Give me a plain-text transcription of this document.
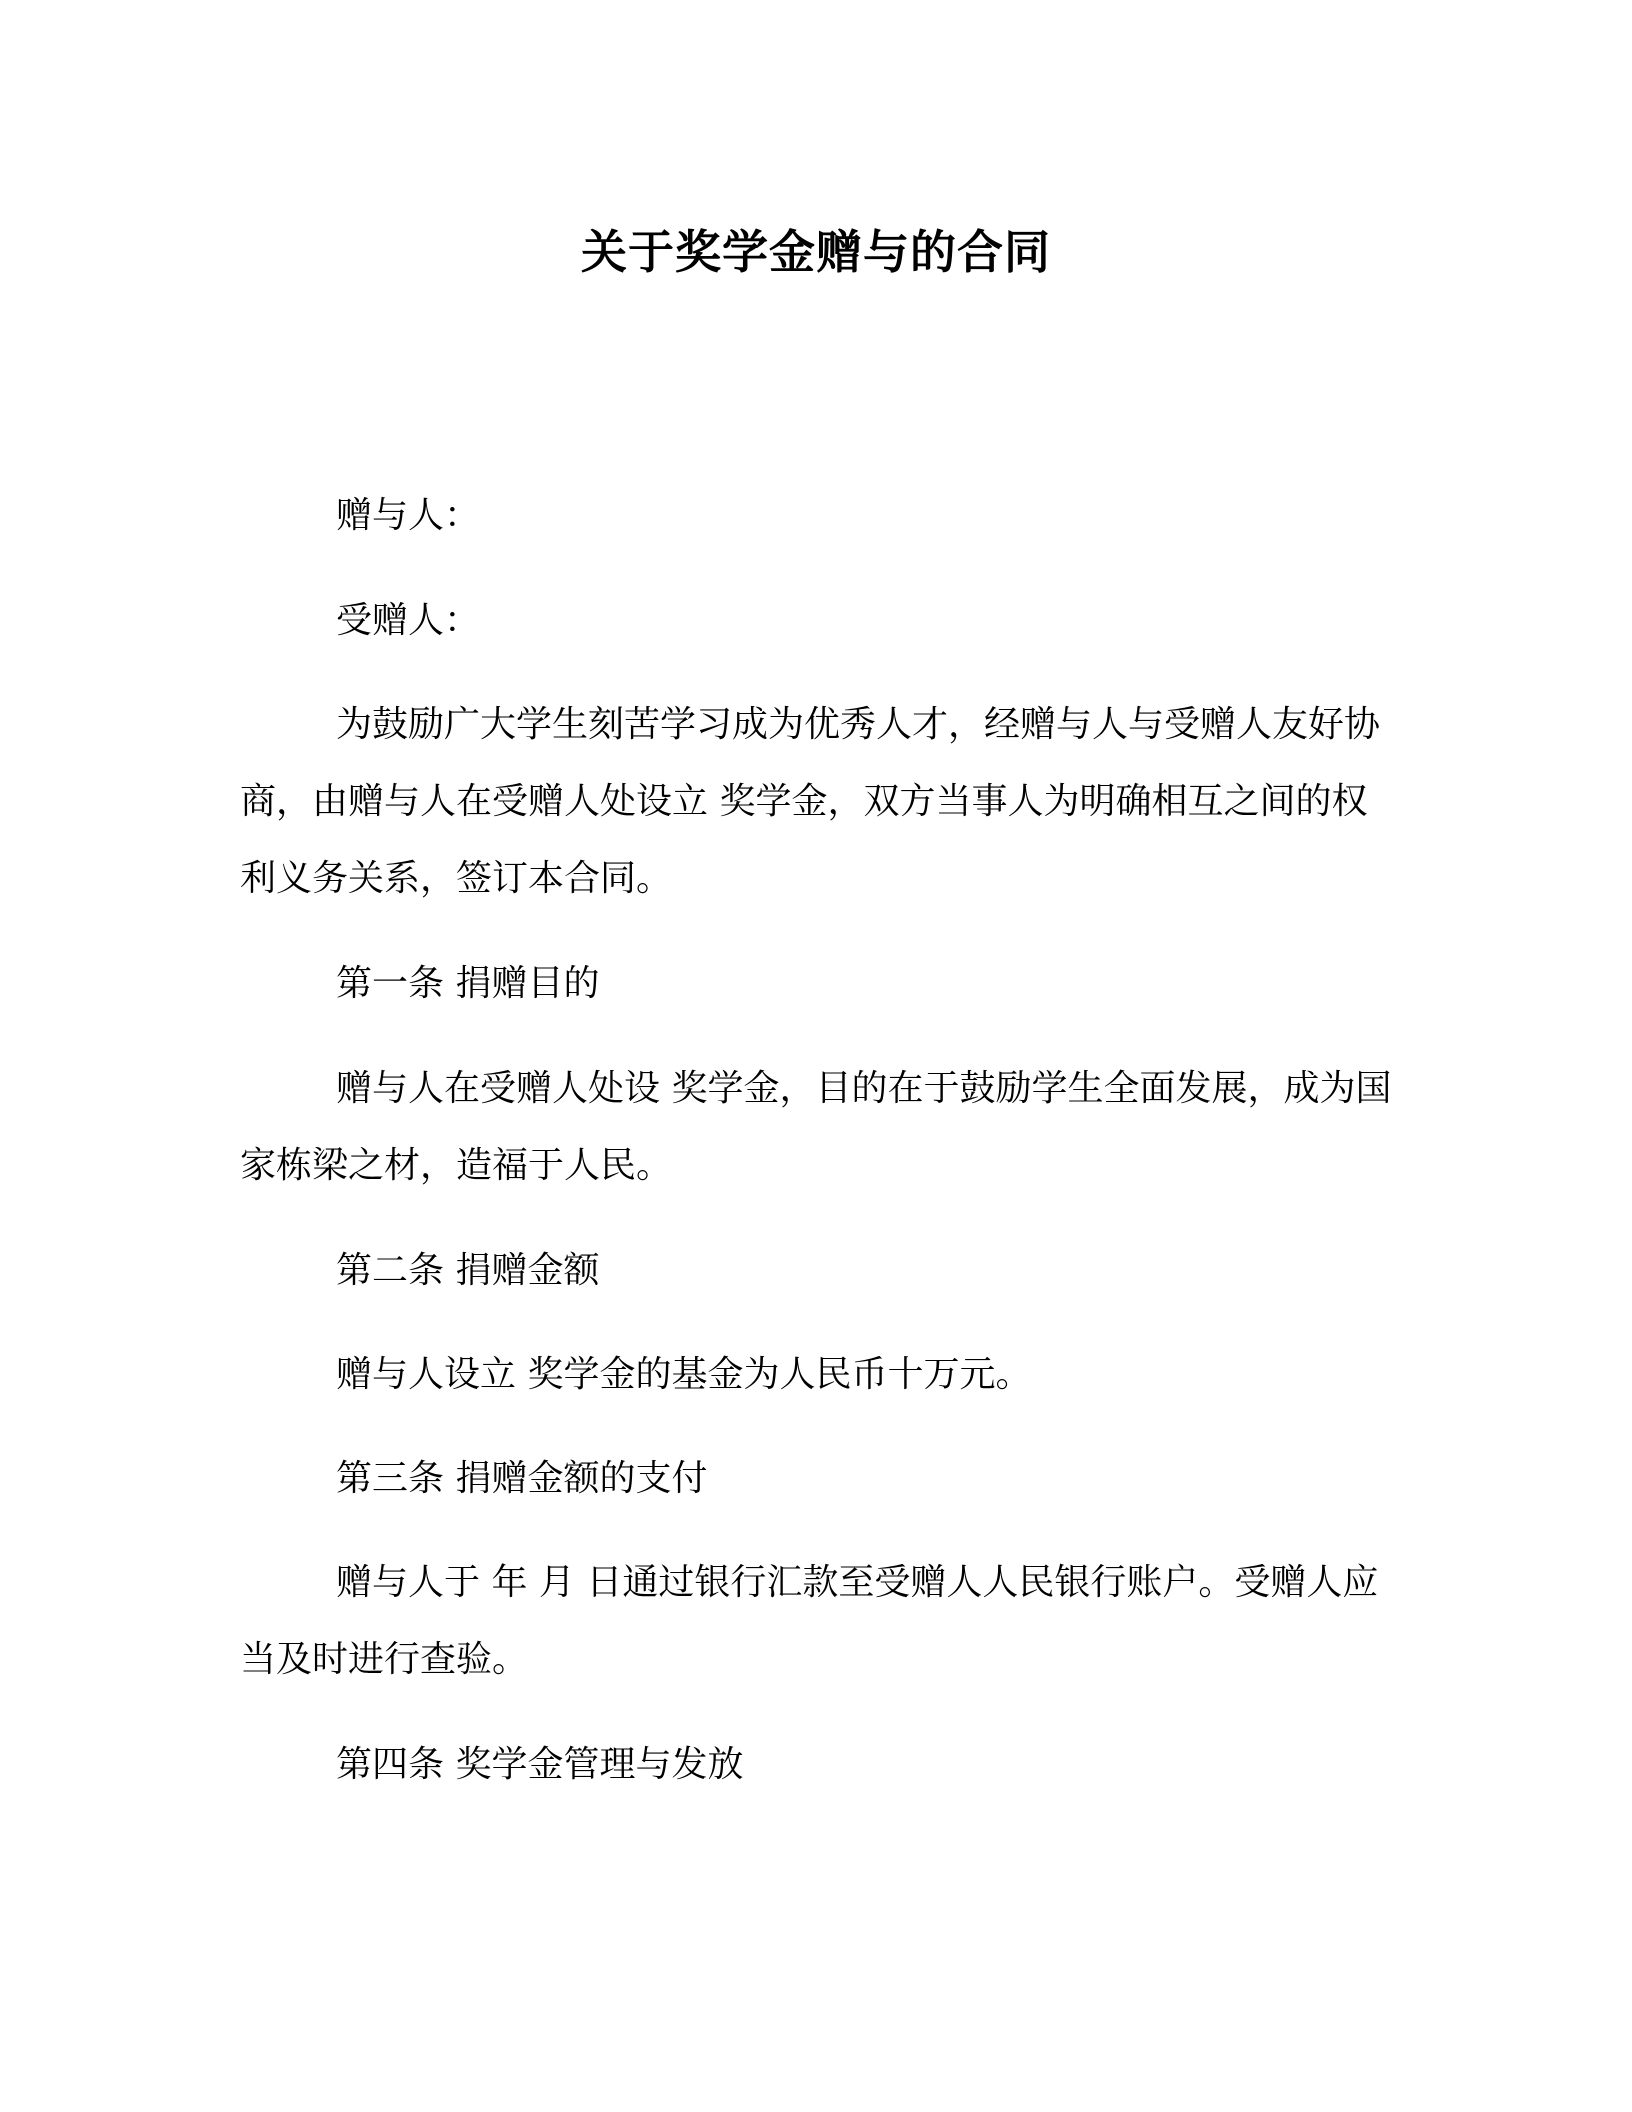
关于奖学金赠与的合同

赠与人：

受赠人：

为鼓励广大学生刻苦学习成为优秀人才，经赠与人与受赠人友好协商，由赠与人在受赠人处设立 奖学金，双方当事人为明确相互之间的权利义务关系，签订本合同。

第一条 捐赠目的

赠与人在受赠人处设 奖学金，目的在于鼓励学生全面发展，成为国家栋梁之材，造福于人民。

第二条 捐赠金额

赠与人设立 奖学金的基金为人民币十万元。

第三条 捐赠金额的支付

赠与人于 年 月 日通过银行汇款至受赠人人民银行账户。受赠人应当及时进行查验。

第四条 奖学金管理与发放
